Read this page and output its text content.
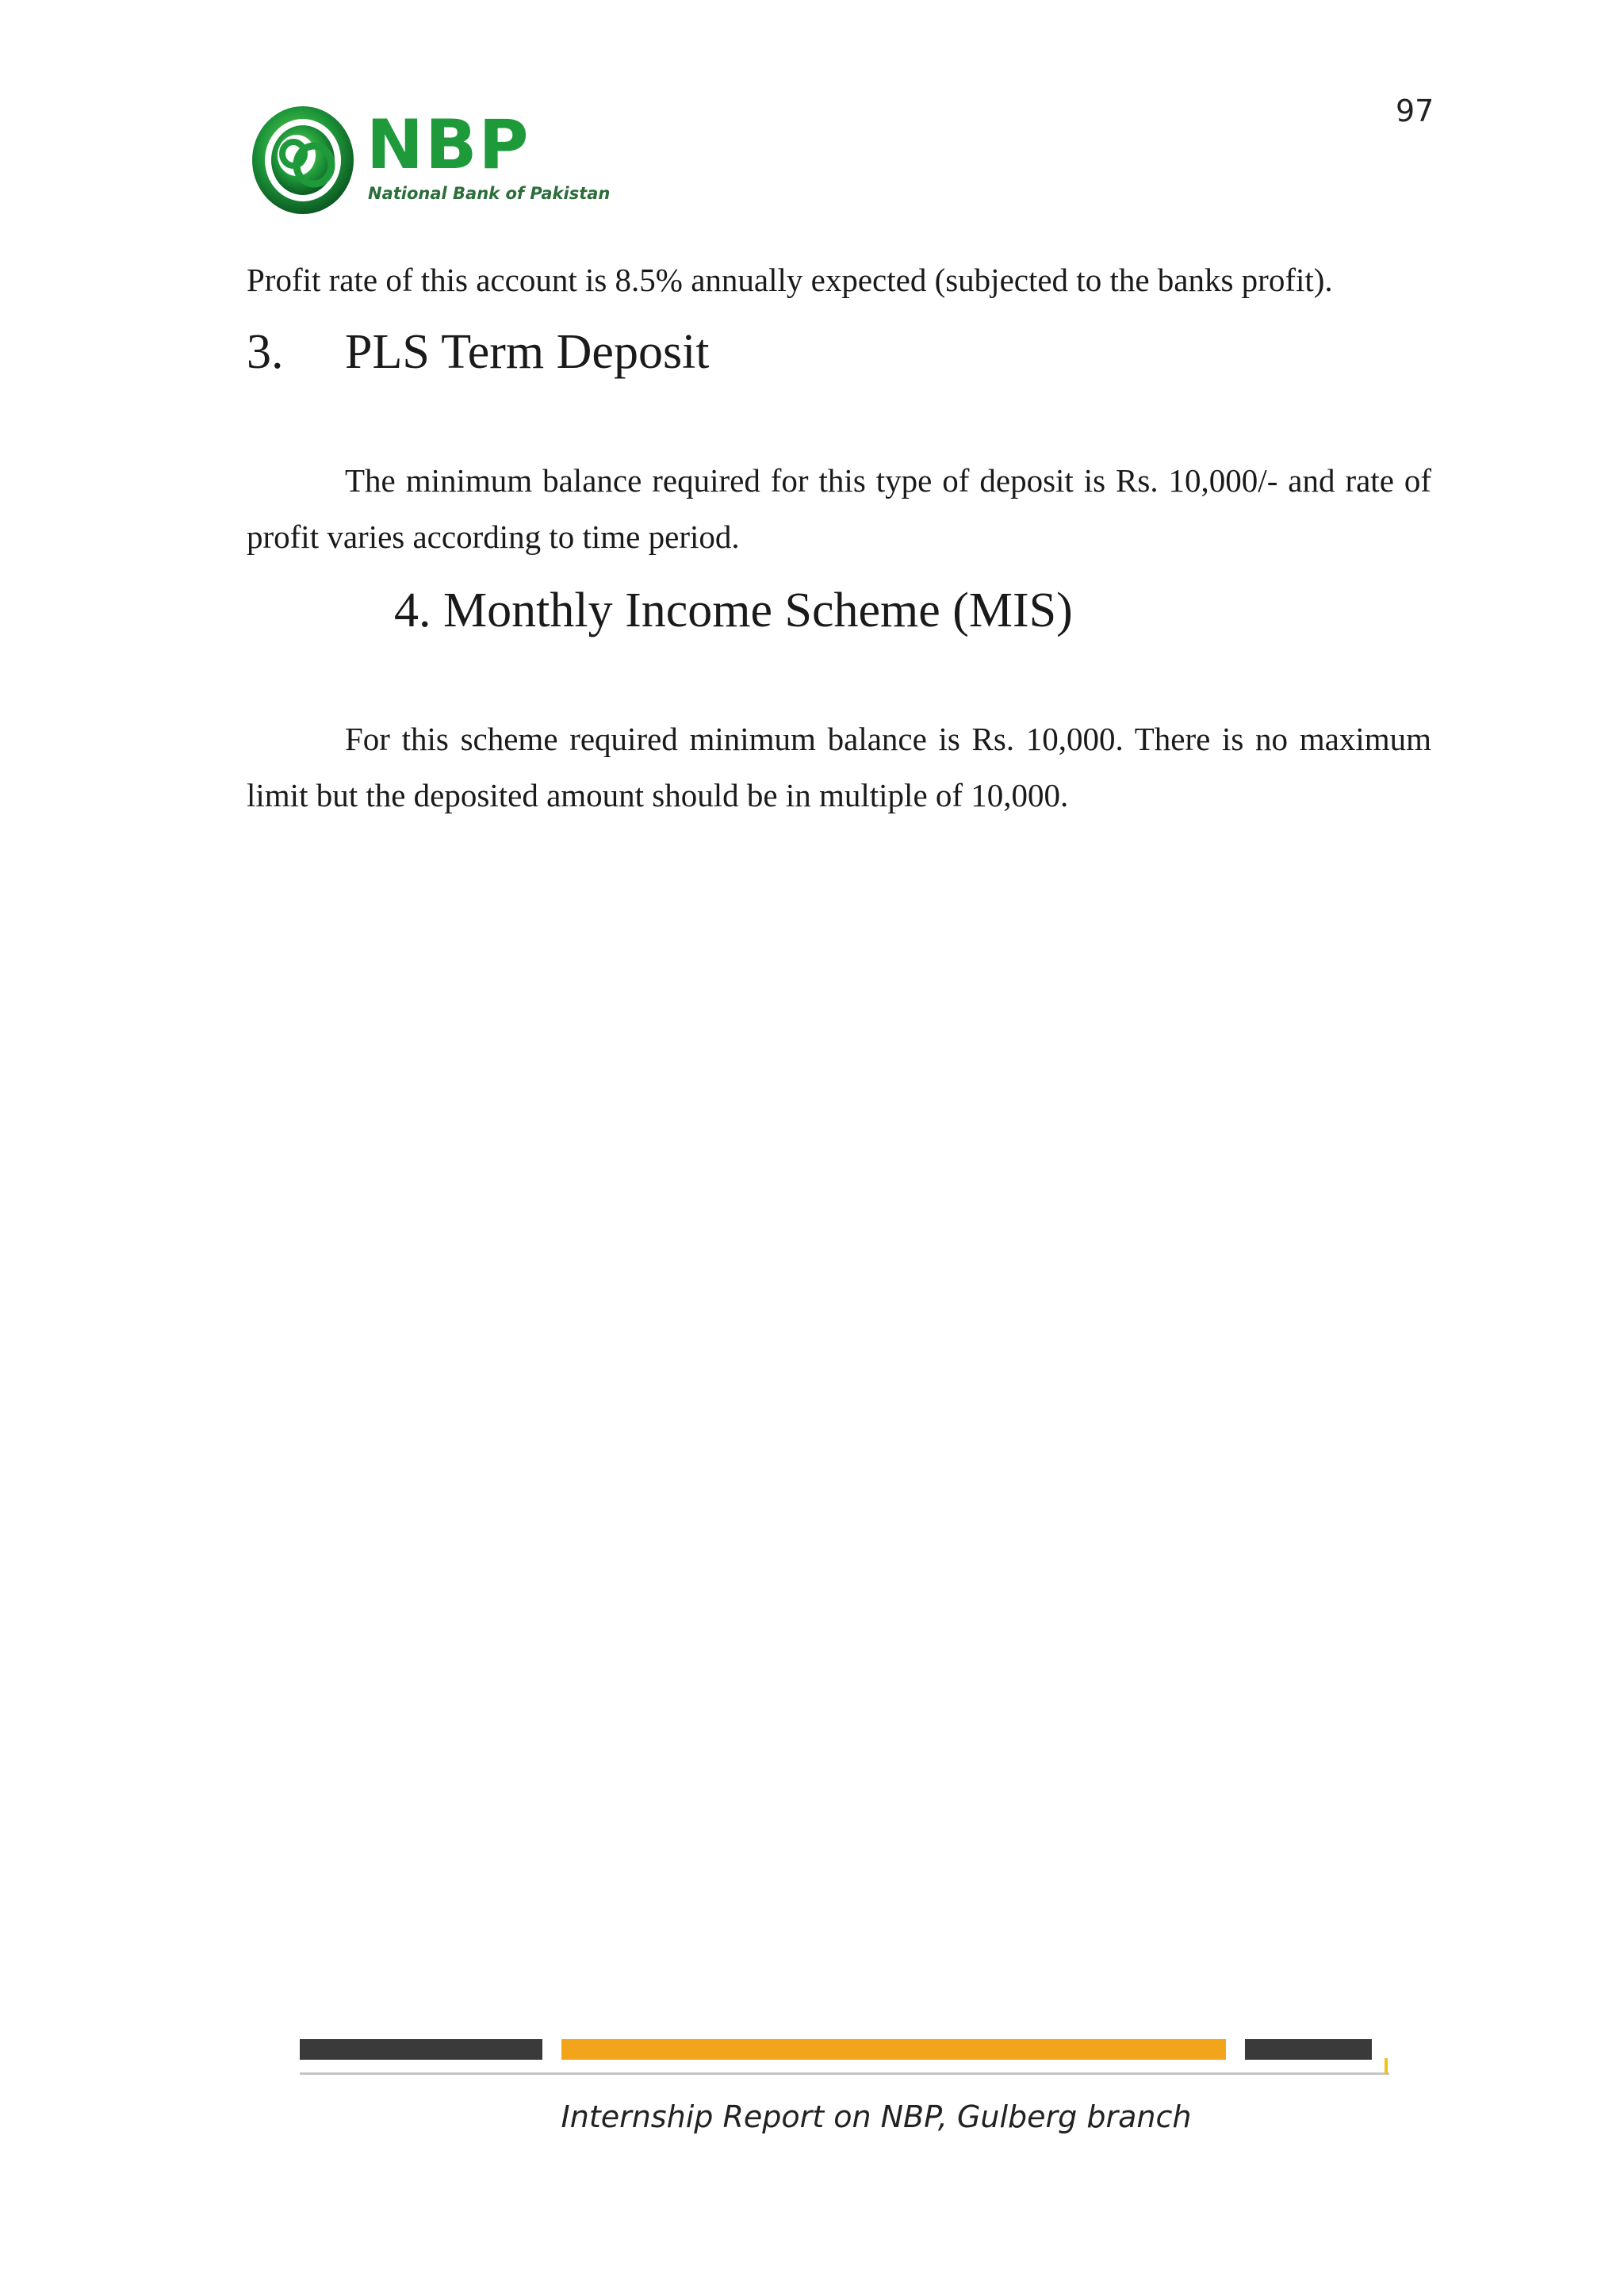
97
NBP
National Bank of Pakistan

Profit rate of this account is 8.5% annually expected (subjected to the banks profit).

3. PLS Term Deposit

The minimum balance required for this type of deposit is Rs. 10,000/- and rate of profit varies according to time period.

4. Monthly Income Scheme (MIS)

For this scheme required minimum balance is Rs. 10,000. There is no maximum limit but the deposited amount should be in multiple of 10,000.

Internship Report on NBP, Gulberg branch
